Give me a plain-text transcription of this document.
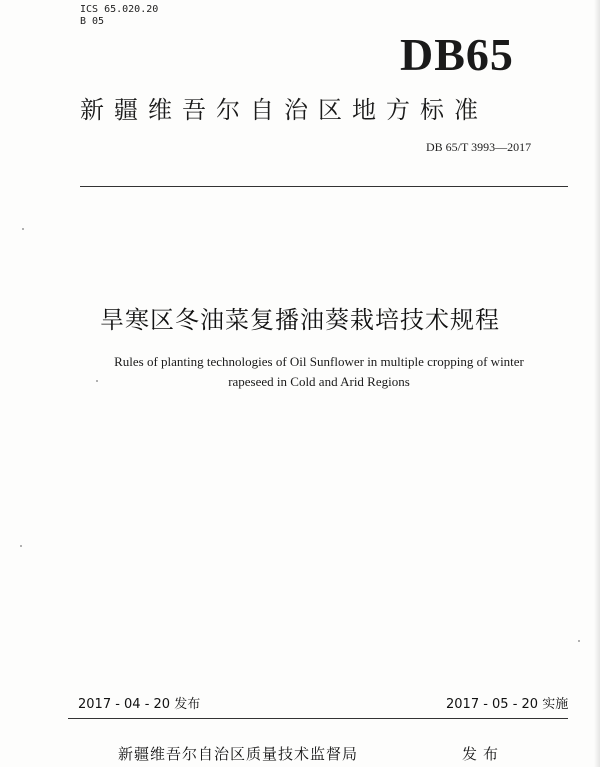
ICS 65.020.20
B 05
DB65
新疆维吾尔自治区地方标准
DB 65/T 3993—2017
旱寒区冬油菜复播油葵栽培技术规程
Rules of planting technologies of Oil Sunflower in multiple cropping of winter
rapeseed in Cold and Arid Regions
2017 - 04 - 20 发布	2017 - 05 - 20 实施
新疆维吾尔自治区质量技术监督局	发布
